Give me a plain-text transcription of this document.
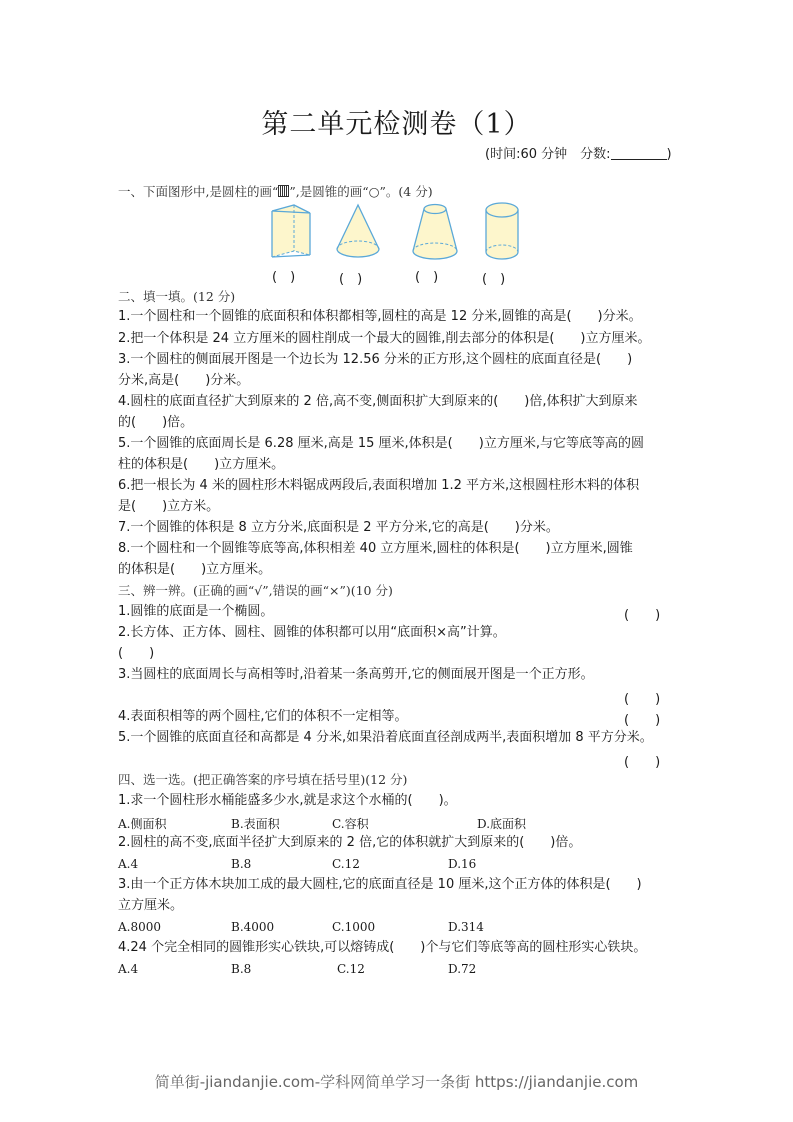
第二单元检测卷（1）
(时间:60 分钟　分数:	)
一、下面图形中,是圆柱的画“ ”,是圆锥的画“○”。(4 分)
(　)	(　)	(　)	(　)
二、填一填。(12 分)
1.一个圆柱和一个圆锥的底面积和体积都相等,圆柱的高是 12 分米,圆锥的高是(　　)分米。
2.把一个体积是 24 立方厘米的圆柱削成一个最大的圆锥,削去部分的体积是(　　)立方厘米。
3.一个圆柱的侧面展开图是一个边长为 12.56 分米的正方形,这个圆柱的底面直径是(　　)
分米,高是(　　)分米。
4.圆柱的底面直径扩大到原来的 2 倍,高不变,侧面积扩大到原来的(　　)倍,体积扩大到原来
的(　　)倍。
5.一个圆锥的底面周长是 6.28 厘米,高是 15 厘米,体积是(　　)立方厘米,与它等底等高的圆
柱的体积是(　　)立方厘米。
6.把一根长为 4 米的圆柱形木料锯成两段后,表面积增加 1.2 平方米,这根圆柱形木料的体积
是(　　)立方米。
7.一个圆锥的体积是 8 立方分米,底面积是 2 平方分米,它的高是(　　)分米。
8.一个圆柱和一个圆锥等底等高,体积相差 40 立方厘米,圆柱的体积是(　　)立方厘米,圆锥
的体积是(　　)立方厘米。
三、辨一辨。(正确的画“√”,错误的画“×”)(10 分)
1.圆锥的底面是一个椭圆。	(　　)
2.长方体、正方体、圆柱、圆锥的体积都可以用“底面积×高”计算。
(　　)
3.当圆柱的底面周长与高相等时,沿着某一条高剪开,它的侧面展开图是一个正方形。
(　　)
4.表面积相等的两个圆柱,它们的体积不一定相等。	(　　)
5.一个圆锥的底面直径和高都是 4 分米,如果沿着底面直径剖成两半,表面积增加 8 平方分米。
(　　)
四、选一选。(把正确答案的序号填在括号里)(12 分)
1.求一个圆柱形水桶能盛多少水,就是求这个水桶的(　　)。
A.侧面积	B.表面积	C.容积	D.底面积
2.圆柱的高不变,底面半径扩大到原来的 2 倍,它的体积就扩大到原来的(　　)倍。
A.4	B.8	C.12	D.16
3.由一个正方体木块加工成的最大圆柱,它的底面直径是 10 厘米,这个正方体的体积是(　　)
立方厘米。
A.8000	B.4000	C.1000	D.314
4.24 个完全相同的圆锥形实心铁块,可以熔铸成(　　)个与它们等底等高的圆柱形实心铁块。
A.4	B.8	C.12	D.72
简单街-jiandanjie.com-学科网简单学习一条街 https://jiandanjie.com
